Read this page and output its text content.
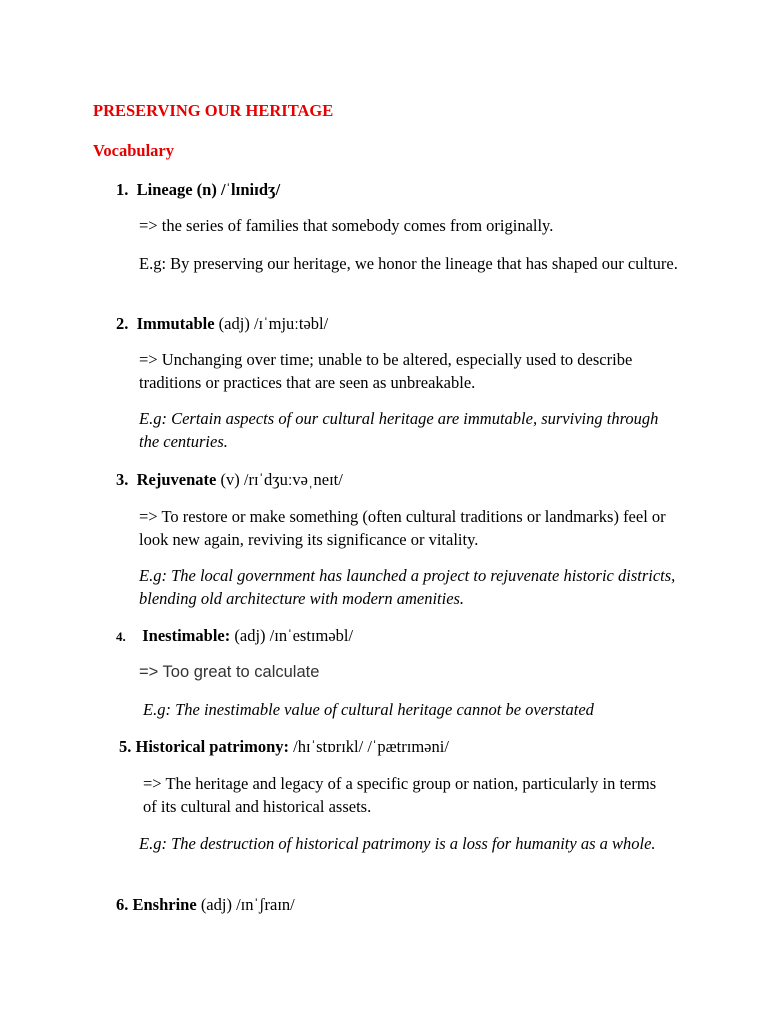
PRESERVING OUR HERITAGE
Vocabulary
1. Lineage (n) /ˈlɪniɪdʒ/
=> the series of families that somebody comes from originally.
E.g: By preserving our heritage, we honor the lineage that has shaped our culture.
2. Immutable (adj) /ɪˈmjuːtəbl/
=> Unchanging over time; unable to be altered, especially used to describe traditions or practices that are seen as unbreakable.
E.g: Certain aspects of our cultural heritage are immutable, surviving through the centuries.
3. Rejuvenate (v) /rɪˈdʒuːvəˌneɪt/
=> To restore or make something (often cultural traditions or landmarks) feel or look new again, reviving its significance or vitality.
E.g: The local government has launched a project to rejuvenate historic districts, blending old architecture with modern amenities.
4. Inestimable: (adj) /ɪnˈestɪməbl/
=> Too great to calculate
E.g: The inestimable value of cultural heritage cannot be overstated
5. Historical patrimony: /hɪˈstɒrɪkl/ /ˈpætrɪməni/
=> The heritage and legacy of a specific group or nation, particularly in terms of its cultural and historical assets.
E.g: The destruction of historical patrimony is a loss for humanity as a whole.
6. Enshrine (adj) /ɪnˈʃraɪn/
